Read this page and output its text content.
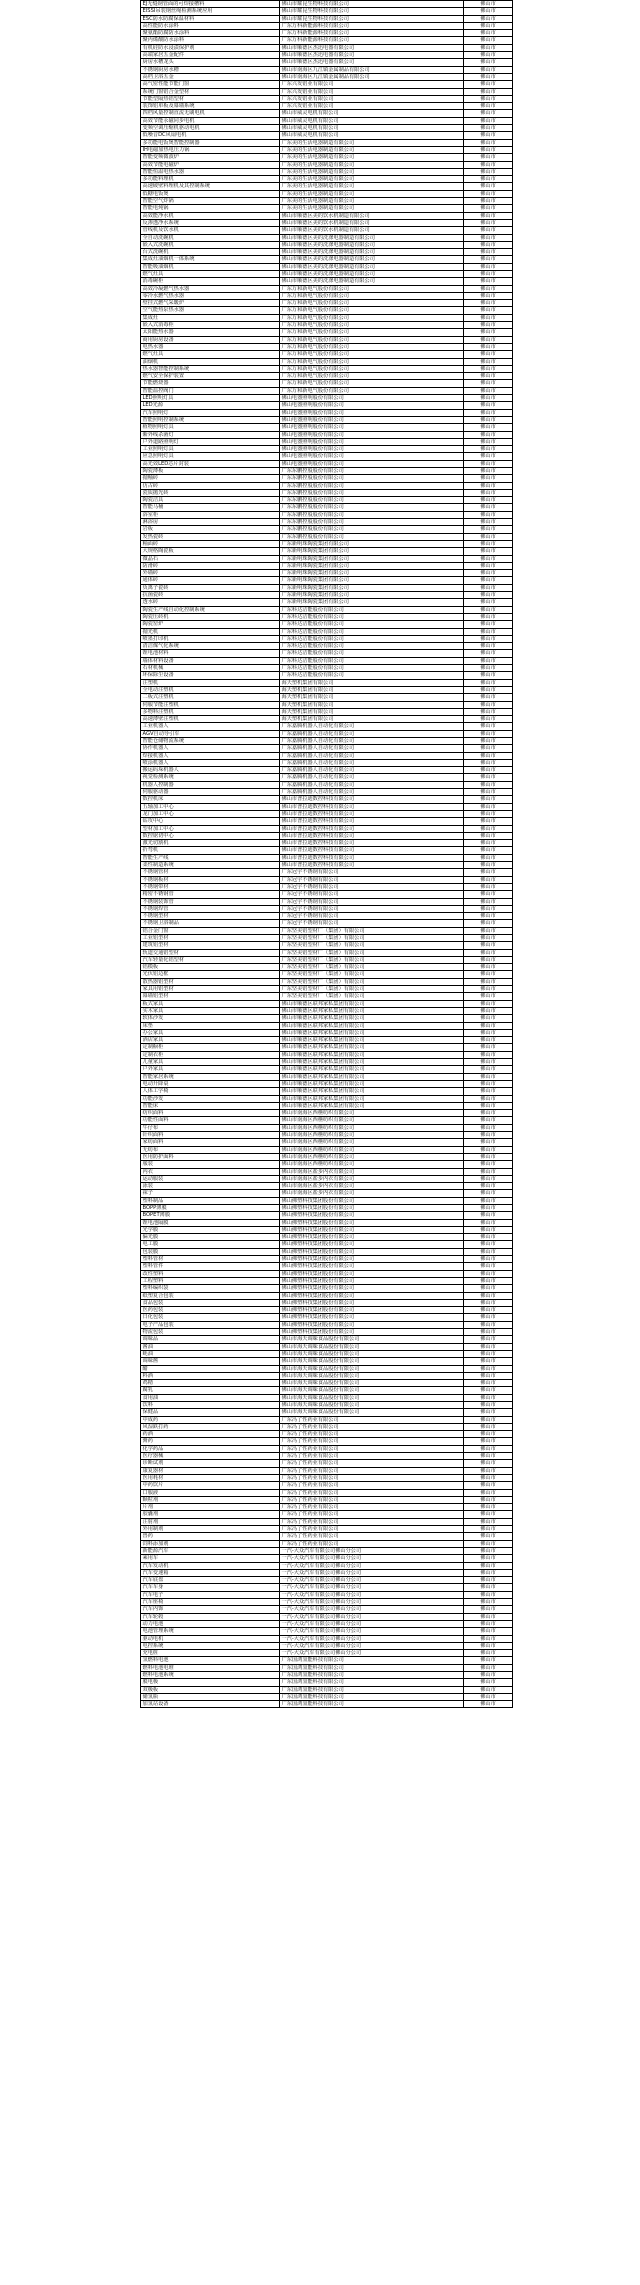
EJ无缝钢管面的可焊接槽料	佛山市耀昆生物科技有限公司	佛山市
EISSI吊装钢丝绳检测系统应用	佛山市耀昆生物科技有限公司	佛山市
ESC防水防腐保温材料	佛山市耀昆生物科技有限公司	佛山市
高性能防水涂料	广东万科新能源科技有限公司	佛山市
聚氨酯防腐防水涂料	广东万科新能源科技有限公司	佛山市
聚丙烯酸防水涂料	广东万科新能源科技有限公司	佛山市
有机硅防水浸渍保护剂	佛山市顺德区杰迅电器有限公司	佛山市
高端家居五金配件	佛山市顺德区杰迅电器有限公司	佛山市
厨房水槽龙头	佛山市顺德区杰迅电器有限公司	佛山市
不锈钢厨房水槽	佛山市南海区九江镇金属制品有限公司	佛山市
高档卫浴五金	佛山市南海区九江镇金属制品有限公司	佛山市
高气密性能节能门窗	广东兴发铝业有限公司	佛山市
系统门窗铝合金型材	广东兴发铝业有限公司	佛山市
节能型隔热铝型材	广东兴发铝业有限公司	佛山市
装饰铝单板及幕墙系统	广东兴发铝业有限公司	佛山市
四档风量控制直流无刷电机	佛山市威灵电机有限公司	佛山市
高效节能永磁同步电机	佛山市威灵电机有限公司	佛山市
变频空调压缩机驱动电机	佛山市威灵电机有限公司	佛山市
低噪音DC风扇电机	佛山市威灵电机有限公司	佛山市
多功能电饭煲智能控制器	广东美的生活电器制造有限公司	佛山市
IH电磁加热电压力锅	广东美的生活电器制造有限公司	佛山市
智能变频微波炉	广东美的生活电器制造有限公司	佛山市
高效节能电磁炉	广东美的生活电器制造有限公司	佛山市
智能恒温电热水器	广东美的生活电器制造有限公司	佛山市
多功能料理机	广东美的生活电器制造有限公司	佛山市
高速破壁料理机及其控制系统	广东美的生活电器制造有限公司	佛山市
低糖电饭煲	广东美的生活电器制造有限公司	佛山市
智能空气炸锅	广东美的生活电器制造有限公司	佛山市
智能电炖锅	广东美的生活电器制造有限公司	佛山市
高效能净水机	佛山市顺德区美的饮水机制造有限公司	佛山市
反渗透净水系统	佛山市顺德区美的饮水机制造有限公司	佛山市
管线机及饮水机	佛山市顺德区美的饮水机制造有限公司	佛山市
全自动洗碗机	佛山市顺德区美的洗涤电器制造有限公司	佛山市
嵌入式洗碗机	佛山市顺德区美的洗涤电器制造有限公司	佛山市
台式洗碗机	佛山市顺德区美的洗涤电器制造有限公司	佛山市
集成灶油烟机一体系统	佛山市顺德区美的洗涤电器制造有限公司	佛山市
智能吸油烟机	佛山市顺德区美的洗涤电器制造有限公司	佛山市
燃气灶具	佛山市顺德区美的洗涤电器制造有限公司	佛山市
消毒碗柜	佛山市顺德区美的洗涤电器制造有限公司	佛山市
高效冷凝燃气热水器	广东万和新电气股份有限公司	佛山市
零冷水燃气热水器	广东万和新电气股份有限公司	佛山市
壁挂式燃气采暖炉	广东万和新电气股份有限公司	佛山市
空气能热泵热水器	广东万和新电气股份有限公司	佛山市
集成灶	广东万和新电气股份有限公司	佛山市
嵌入式消毒柜	广东万和新电气股份有限公司	佛山市
太阳能热水器	广东万和新电气股份有限公司	佛山市
商用厨房设备	广东万和新电气股份有限公司	佛山市
电热水器	广东万和新电气股份有限公司	佛山市
燃气灶具	广东万和新电气股份有限公司	佛山市
油烟机	广东万和新电气股份有限公司	佛山市
热水器智能控制系统	广东万和新电气股份有限公司	佛山市
燃气安全保护装置	广东万和新电气股份有限公司	佛山市
节能燃烧器	广东万和新电气股份有限公司	佛山市
智能温控阀门	广东万和新电气股份有限公司	佛山市
LED照明灯具	佛山电器照明股份有限公司	佛山市
LED光源	佛山电器照明股份有限公司	佛山市
汽车照明灯	佛山电器照明股份有限公司	佛山市
智能照明控制系统	佛山电器照明股份有限公司	佛山市
植物照明灯具	佛山电器照明股份有限公司	佛山市
紫外线杀菌灯	佛山电器照明股份有限公司	佛山市
户外道路照明灯	佛山电器照明股份有限公司	佛山市
工业照明灯具	佛山电器照明股份有限公司	佛山市
应急照明灯具	佛山电器照明股份有限公司	佛山市
高光效LED芯片封装	佛山电器照明股份有限公司	佛山市
陶瓷薄板	广东东鹏控股股份有限公司	佛山市
抛釉砖	广东东鹏控股股份有限公司	佛山市
仿古砖	广东东鹏控股股份有限公司	佛山市
瓷质抛光砖	广东东鹏控股股份有限公司	佛山市
陶瓷洁具	广东东鹏控股股份有限公司	佛山市
智能马桶	广东东鹏控股股份有限公司	佛山市
浴室柜	广东东鹏控股股份有限公司	佛山市
淋浴房	广东东鹏控股股份有限公司	佛山市
岩板	广东东鹏控股股份有限公司	佛山市
发热瓷砖	广东东鹏控股股份有限公司	佛山市
釉面砖	广东新明珠陶瓷集团有限公司	佛山市
大规格陶瓷板	广东新明珠陶瓷集团有限公司	佛山市
微晶石	广东新明珠陶瓷集团有限公司	佛山市
防滑砖	广东新明珠陶瓷集团有限公司	佛山市
外墙砖	广东新明珠陶瓷集团有限公司	佛山市
通体砖	广东新明珠陶瓷集团有限公司	佛山市
负离子瓷砖	广东新明珠陶瓷集团有限公司	佛山市
抗菌瓷砖	广东新明珠陶瓷集团有限公司	佛山市
透水砖	广东新明珠陶瓷集团有限公司	佛山市
陶瓷生产线自动化控制系统	广东科达洁能股份有限公司	佛山市
陶瓷压砖机	广东科达洁能股份有限公司	佛山市
陶瓷窑炉	广东科达洁能股份有限公司	佛山市
抛光机	广东科达洁能股份有限公司	佛山市
喷墨打印机	广东科达洁能股份有限公司	佛山市
清洁煤气化系统	广东科达洁能股份有限公司	佛山市
锂电池材料	广东科达洁能股份有限公司	佛山市
墙体材料设备	广东科达洁能股份有限公司	佛山市
石材机械	广东科达洁能股份有限公司	佛山市
环保除尘设备	广东科达洁能股份有限公司	佛山市
注塑机	海天塑机集团有限公司	佛山市
全电动注塑机	海天塑机集团有限公司	佛山市
二板式注塑机	海天塑机集团有限公司	佛山市
伺服节能注塑机	海天塑机集团有限公司	佛山市
多物料注塑机	海天塑机集团有限公司	佛山市
高速薄壁注塑机	海天塑机集团有限公司	佛山市
工业机器人	广东嘉腾机器人自动化有限公司	佛山市
AGV自动导引车	广东嘉腾机器人自动化有限公司	佛山市
智能仓储物流系统	广东嘉腾机器人自动化有限公司	佛山市
协作机器人	广东嘉腾机器人自动化有限公司	佛山市
焊接机器人	广东嘉腾机器人自动化有限公司	佛山市
喷涂机器人	广东嘉腾机器人自动化有限公司	佛山市
搬运码垛机器人	广东嘉腾机器人自动化有限公司	佛山市
视觉检测系统	广东嘉腾机器人自动化有限公司	佛山市
机器人控制器	广东嘉腾机器人自动化有限公司	佛山市
伺服驱动器	广东嘉腾机器人自动化有限公司	佛山市
数控机床	佛山市普拉迪数控科技有限公司	佛山市
五轴加工中心	佛山市普拉迪数控科技有限公司	佛山市
龙门加工中心	佛山市普拉迪数控科技有限公司	佛山市
钻攻中心	佛山市普拉迪数控科技有限公司	佛山市
型材加工中心	佛山市普拉迪数控科技有限公司	佛山市
数控锯切中心	佛山市普拉迪数控科技有限公司	佛山市
激光切割机	佛山市普拉迪数控科技有限公司	佛山市
折弯机	佛山市普拉迪数控科技有限公司	佛山市
智能生产线	佛山市普拉迪数控科技有限公司	佛山市
柔性制造系统	佛山市普拉迪数控科技有限公司	佛山市
不锈钢管材	广东冠宇不锈钢有限公司	佛山市
不锈钢板材	广东冠宇不锈钢有限公司	佛山市
不锈钢带材	广东冠宇不锈钢有限公司	佛山市
精密不锈钢管	广东冠宇不锈钢有限公司	佛山市
不锈钢装饰管	广东冠宇不锈钢有限公司	佛山市
不锈钢焊管	广东冠宇不锈钢有限公司	佛山市
不锈钢型材	广东冠宇不锈钢有限公司	佛山市
不锈钢卫浴制品	广东冠宇不锈钢有限公司	佛山市
铝合金门窗	广东坚美铝型材厂（集团）有限公司	佛山市
工业铝型材	广东坚美铝型材厂（集团）有限公司	佛山市
建筑铝型材	广东坚美铝型材厂（集团）有限公司	佛山市
轨道交通铝型材	广东坚美铝型材厂（集团）有限公司	佛山市
汽车轻量化铝型材	广东坚美铝型材厂（集团）有限公司	佛山市
铝模板	广东坚美铝型材厂（集团）有限公司	佛山市
光伏铝边框	广东坚美铝型材厂（集团）有限公司	佛山市
散热器铝型材	广东坚美铝型材厂（集团）有限公司	佛山市
家具用铝型材	广东坚美铝型材厂（集团）有限公司	佛山市
幕墙铝型材	广东坚美铝型材厂（集团）有限公司	佛山市
板式家具	佛山市顺德区联邦家私集团有限公司	佛山市
实木家具	佛山市顺德区联邦家私集团有限公司	佛山市
软体沙发	佛山市顺德区联邦家私集团有限公司	佛山市
床垫	佛山市顺德区联邦家私集团有限公司	佛山市
办公家具	佛山市顺德区联邦家私集团有限公司	佛山市
酒店家具	佛山市顺德区联邦家私集团有限公司	佛山市
定制橱柜	佛山市顺德区联邦家私集团有限公司	佛山市
定制衣柜	佛山市顺德区联邦家私集团有限公司	佛山市
儿童家具	佛山市顺德区联邦家私集团有限公司	佛山市
户外家具	佛山市顺德区联邦家私集团有限公司	佛山市
智能家居系统	佛山市顺德区联邦家私集团有限公司	佛山市
电动升降桌	佛山市顺德区联邦家私集团有限公司	佛山市
人体工学椅	佛山市顺德区联邦家私集团有限公司	佛山市
功能沙发	佛山市顺德区联邦家私集团有限公司	佛山市
智能床	佛山市顺德区联邦家私集团有限公司	佛山市
纺织面料	佛山市南海区西樵纺织有限公司	佛山市
功能性面料	佛山市南海区西樵纺织有限公司	佛山市
牛仔布	佛山市南海区西樵纺织有限公司	佛山市
针织面料	佛山市南海区西樵纺织有限公司	佛山市
家纺面料	佛山市南海区西樵纺织有限公司	佛山市
无纺布	佛山市南海区西樵纺织有限公司	佛山市
医用防护面料	佛山市南海区西樵纺织有限公司	佛山市
服装	佛山市南海区西樵纺织有限公司	佛山市
内衣	佛山市南海区盐步内衣有限公司	佛山市
运动服装	佛山市南海区盐步内衣有限公司	佛山市
泳装	佛山市南海区盐步内衣有限公司	佛山市
袜子	佛山市南海区盐步内衣有限公司	佛山市
塑料制品	佛山佛塑科技集团股份有限公司	佛山市
BOPP薄膜	佛山佛塑科技集团股份有限公司	佛山市
BOPET薄膜	佛山佛塑科技集团股份有限公司	佛山市
锂电池隔膜	佛山佛塑科技集团股份有限公司	佛山市
光学膜	佛山佛塑科技集团股份有限公司	佛山市
偏光膜	佛山佛塑科技集团股份有限公司	佛山市
电工膜	佛山佛塑科技集团股份有限公司	佛山市
包装膜	佛山佛塑科技集团股份有限公司	佛山市
塑料管材	佛山佛塑科技集团股份有限公司	佛山市
塑料管件	佛山佛塑科技集团股份有限公司	佛山市
改性塑料	佛山佛塑科技集团股份有限公司	佛山市
工程塑料	佛山佛塑科技集团股份有限公司	佛山市
塑料编织袋	佛山佛塑科技集团股份有限公司	佛山市
纸塑复合包装	佛山佛塑科技集团股份有限公司	佛山市
食品包装	佛山佛塑科技集团股份有限公司	佛山市
医药包装	佛山佛塑科技集团股份有限公司	佛山市
日化包装	佛山佛塑科技集团股份有限公司	佛山市
电子产品包装	佛山佛塑科技集团股份有限公司	佛山市
物流包装	佛山佛塑科技集团股份有限公司	佛山市
调味品	佛山市海天调味食品股份有限公司	佛山市
酱油	佛山市海天调味食品股份有限公司	佛山市
蚝油	佛山市海天调味食品股份有限公司	佛山市
调味酱	佛山市海天调味食品股份有限公司	佛山市
醋	佛山市海天调味食品股份有限公司	佛山市
料酒	佛山市海天调味食品股份有限公司	佛山市
鸡精	佛山市海天调味食品股份有限公司	佛山市
腐乳	佛山市海天调味食品股份有限公司	佛山市
食用油	佛山市海天调味食品股份有限公司	佛山市
饮料	佛山市海天调味食品股份有限公司	佛山市
保健品	佛山市海天调味食品股份有限公司	佛山市
中成药	广东冯了性药业有限公司	佛山市
风湿跌打药	广东冯了性药业有限公司	佛山市
药酒	广东冯了性药业有限公司	佛山市
膏药	广东冯了性药业有限公司	佛山市
化学药品	广东冯了性药业有限公司	佛山市
医疗器械	广东冯了性药业有限公司	佛山市
诊断试剂	广东冯了性药业有限公司	佛山市
康复器材	广东冯了性药业有限公司	佛山市
医用耗材	广东冯了性药业有限公司	佛山市
中药饮片	广东冯了性药业有限公司	佛山市
口服液	广东冯了性药业有限公司	佛山市
颗粒剂	广东冯了性药业有限公司	佛山市
片剂	广东冯了性药业有限公司	佛山市
胶囊剂	广东冯了性药业有限公司	佛山市
注射剂	广东冯了性药业有限公司	佛山市
外用制剂	广东冯了性药业有限公司	佛山市
兽药	广东冯了性药业有限公司	佛山市
饲料添加剂	广东冯了性药业有限公司	佛山市
新能源汽车	一汽-大众汽车有限公司佛山分公司	佛山市
乘用车	一汽-大众汽车有限公司佛山分公司	佛山市
汽车发动机	一汽-大众汽车有限公司佛山分公司	佛山市
汽车变速箱	一汽-大众汽车有限公司佛山分公司	佛山市
汽车底盘	一汽-大众汽车有限公司佛山分公司	佛山市
汽车车身	一汽-大众汽车有限公司佛山分公司	佛山市
汽车电子	一汽-大众汽车有限公司佛山分公司	佛山市
汽车座椅	一汽-大众汽车有限公司佛山分公司	佛山市
汽车内饰	一汽-大众汽车有限公司佛山分公司	佛山市
汽车轮毂	一汽-大众汽车有限公司佛山分公司	佛山市
动力电池	一汽-大众汽车有限公司佛山分公司	佛山市
电池管理系统	一汽-大众汽车有限公司佛山分公司	佛山市
驱动电机	一汽-大众汽车有限公司佛山分公司	佛山市
电控系统	一汽-大众汽车有限公司佛山分公司	佛山市
充电桩	一汽-大众汽车有限公司佛山分公司	佛山市
氢燃料电池	广东国鸿氢能科技有限公司	佛山市
燃料电池电堆	广东国鸿氢能科技有限公司	佛山市
燃料电池系统	广东国鸿氢能科技有限公司	佛山市
膜电极	广东国鸿氢能科技有限公司	佛山市
双极板	广东国鸿氢能科技有限公司	佛山市
储氢瓶	广东国鸿氢能科技有限公司	佛山市
加氢站设备	广东国鸿氢能科技有限公司	佛山市
